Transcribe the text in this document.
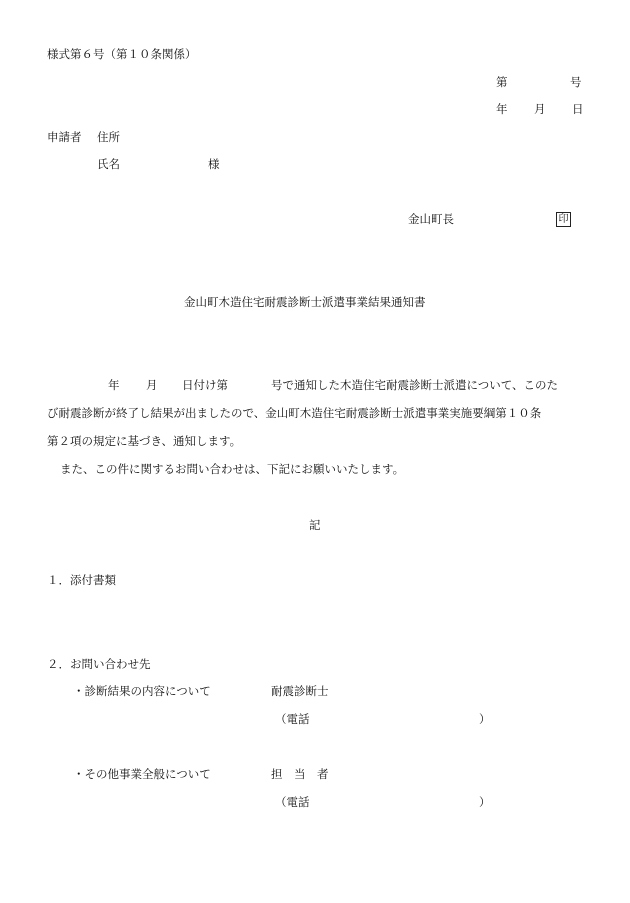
様式第６号（第１０条関係）
第	号
年 月 日
申請者 住所
氏名	様
金山町長	印
金山町木造住宅耐震診断士派遣事業結果通知書
年 月 日付け第	号で通知した木造住宅耐震診断士派遣について、このた
び耐震診断が終了し結果が出ましたので、金山町木造住宅耐震診断士派遣事業実施要綱第１０条
第２項の規定に基づき、通知します。
また、この件に関するお問い合わせは、下記にお願いいたします。
記
１．添付書類
２．お問い合わせ先
・診断結果の内容について	耐震診断士
（電話	）
・その他事業全般について	担　当　者
（電話	）
